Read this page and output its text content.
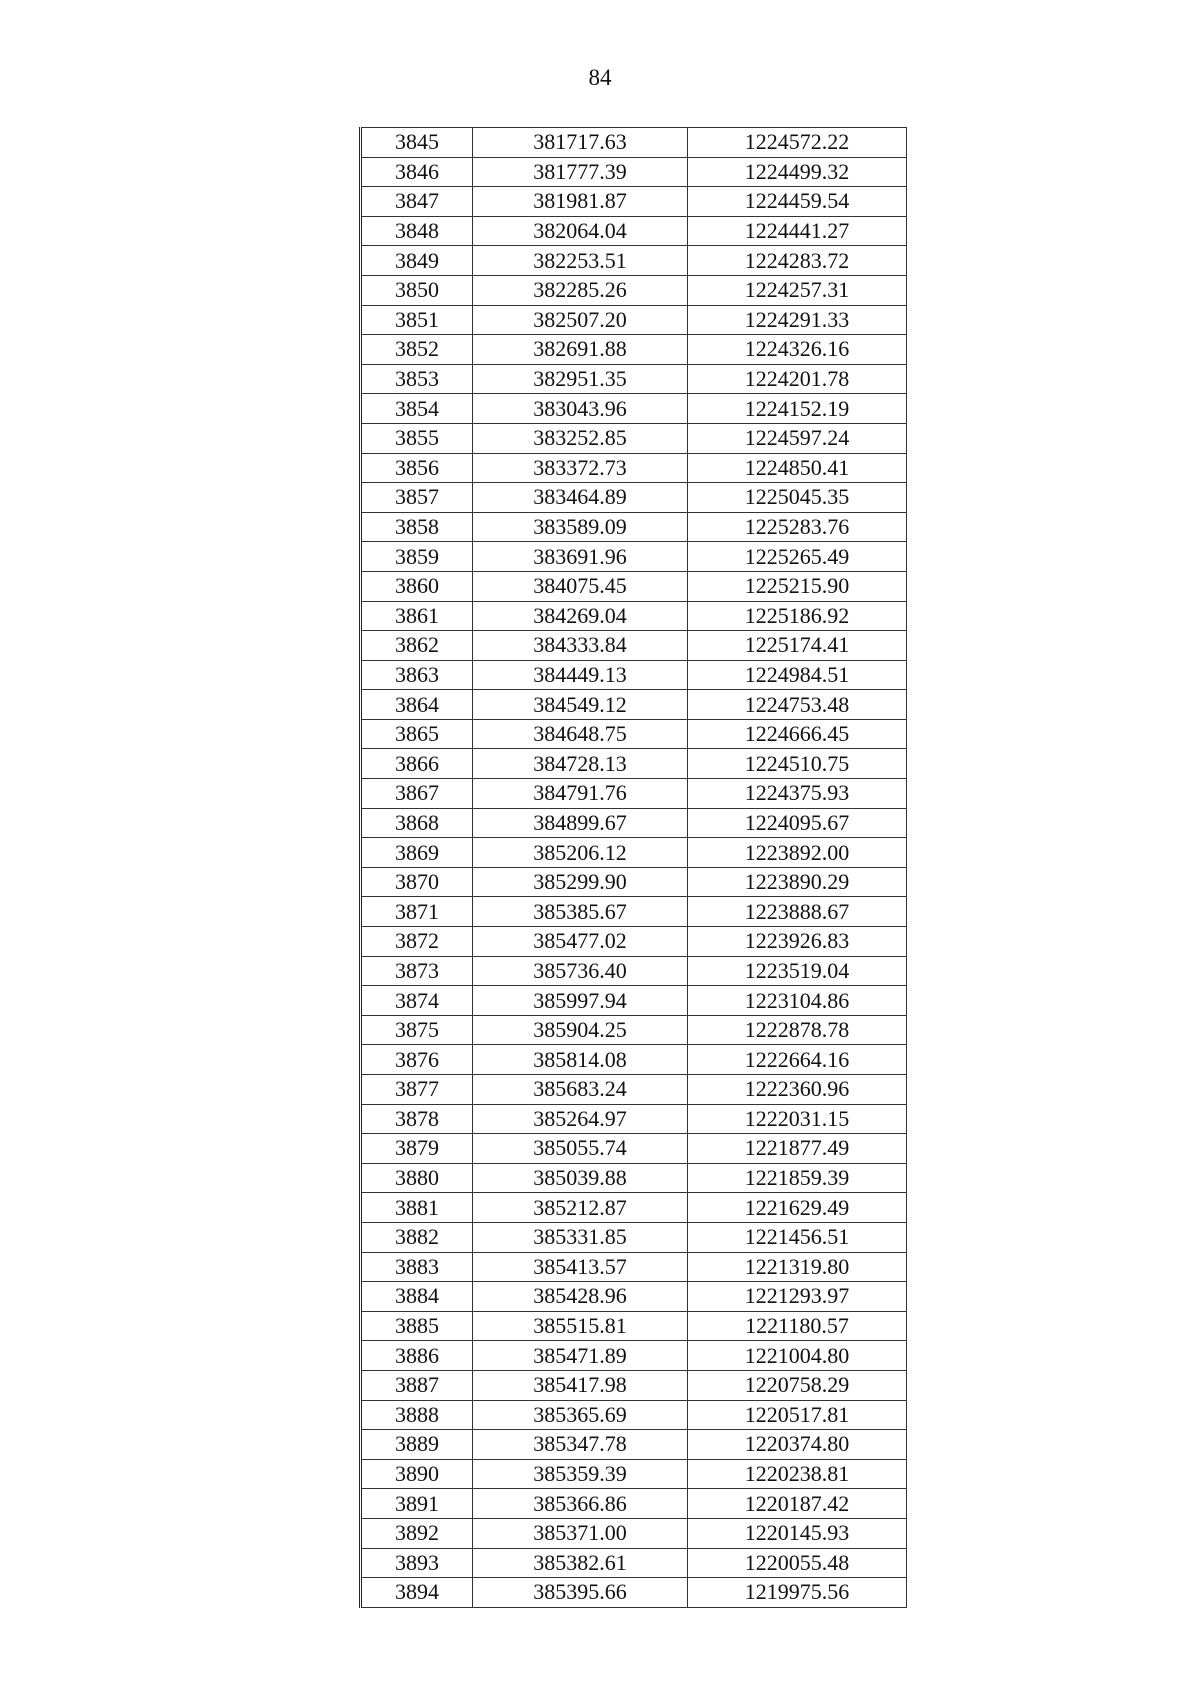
84
3845	381717.63	1224572.22
3846	381777.39	1224499.32
3847	381981.87	1224459.54
3848	382064.04	1224441.27
3849	382253.51	1224283.72
3850	382285.26	1224257.31
3851	382507.20	1224291.33
3852	382691.88	1224326.16
3853	382951.35	1224201.78
3854	383043.96	1224152.19
3855	383252.85	1224597.24
3856	383372.73	1224850.41
3857	383464.89	1225045.35
3858	383589.09	1225283.76
3859	383691.96	1225265.49
3860	384075.45	1225215.90
3861	384269.04	1225186.92
3862	384333.84	1225174.41
3863	384449.13	1224984.51
3864	384549.12	1224753.48
3865	384648.75	1224666.45
3866	384728.13	1224510.75
3867	384791.76	1224375.93
3868	384899.67	1224095.67
3869	385206.12	1223892.00
3870	385299.90	1223890.29
3871	385385.67	1223888.67
3872	385477.02	1223926.83
3873	385736.40	1223519.04
3874	385997.94	1223104.86
3875	385904.25	1222878.78
3876	385814.08	1222664.16
3877	385683.24	1222360.96
3878	385264.97	1222031.15
3879	385055.74	1221877.49
3880	385039.88	1221859.39
3881	385212.87	1221629.49
3882	385331.85	1221456.51
3883	385413.57	1221319.80
3884	385428.96	1221293.97
3885	385515.81	1221180.57
3886	385471.89	1221004.80
3887	385417.98	1220758.29
3888	385365.69	1220517.81
3889	385347.78	1220374.80
3890	385359.39	1220238.81
3891	385366.86	1220187.42
3892	385371.00	1220145.93
3893	385382.61	1220055.48
3894	385395.66	1219975.56
